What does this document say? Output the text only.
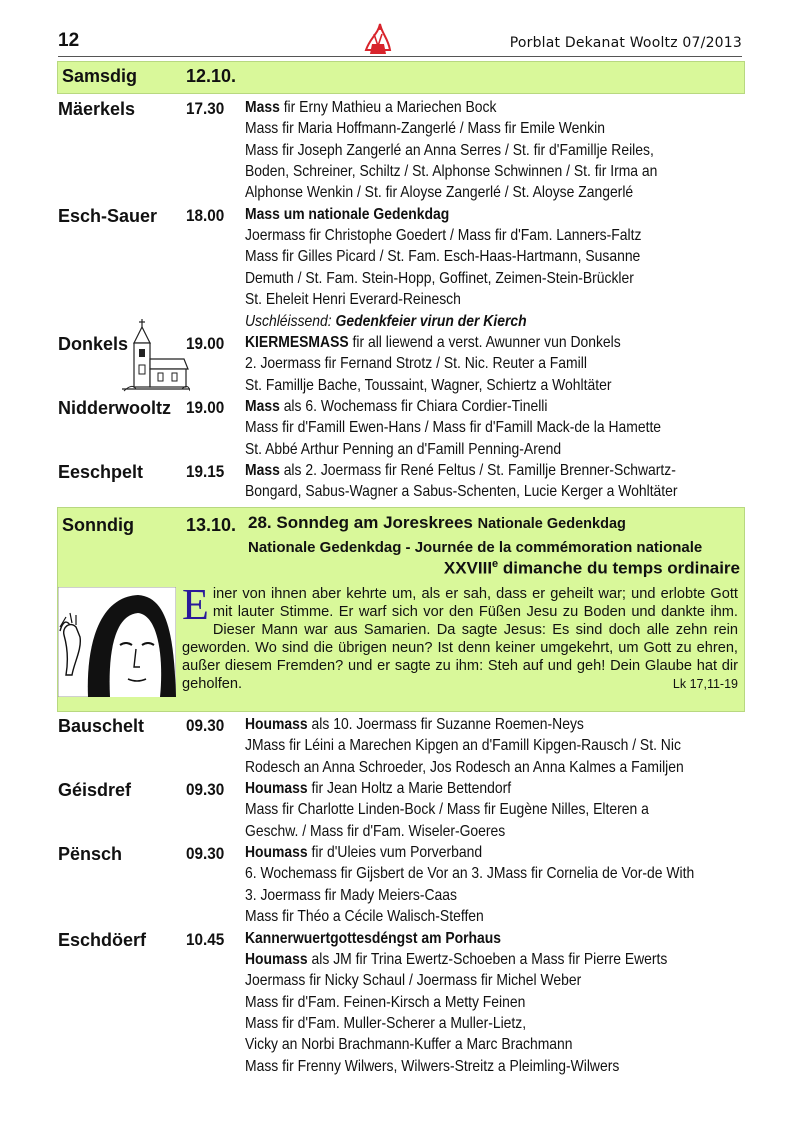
12	Porblat Dekanat Wooltz 07/2013
Samsdig	12.10.
Sonndig	13.10. 28. Sonndeg am Joreskrees Nationale Gedenkdag
Nationale Gedenkdag - Journée de la commémoration nationale
XXVIIIe dimanche du temps ordinaire
Einer von ihnen aber kehrte um, als er sah, dass er geheilt war; und erlobte Gott mit lauter Stimme. Er warf sich vor den Füßen Jesu zu Boden und dankte ihm. Dieser Mann war aus Samarien. Da sagte Jesus: Es sind doch alle zehn rein geworden. Wo sind die übrigen neun? Ist denn keiner umgekehrt, um Gott zu ehren, außer diesem Fremden? und er sagte zu ihm: Steh auf und geh! Dein Glaube hat dir geholfen.	Lk 17,11-19
Mäerkels	17.30 Mass fir Erny Mathieu a Mariechen Bock
Mass fir Maria Hoffmann-Zangerlé / Mass fir Emile Wenkin
Mass fir Joseph Zangerlé an Anna Serres / St. fir d'Famillje Reiles,
Boden, Schreiner, Schiltz / St. Alphonse Schwinnen / St. fir Irma an
Alphonse Wenkin / St. fir Aloyse Zangerlé / St. Aloyse Zangerlé
Esch-Sauer 18.00 Mass um nationale Gedenkdag
Joermass fir Christophe Goedert / Mass fir d'Fam. Lanners-Faltz
Mass fir Gilles Picard / St. Fam. Esch-Haas-Hartmann, Susanne
Demuth / St. Fam. Stein-Hopp, Goffinet, Zeimen-Stein-Brückler
St. Eheleit Henri Everard-Reinesch
Uschléissend: Gedenkfeier virun der Kierch
Donkels	19.00 KIERMESMASS fir all liewend a verst. Awunner vun Donkels
2. Joermass fir Fernand Strotz / St. Nic. Reuter a Famill
St. Famillje Bache, Toussaint, Wagner, Schiertz a Wohltäter
Nidderwooltz 19.00 Mass als 6. Wochemass fir Chiara Cordier-Tinelli
Mass fir d'Famill Ewen-Hans / Mass fir d'Famill Mack-de la Hamette
St. Abbé Arthur Penning an d'Famill Penning-Arend
Eeschpelt	19.15 Mass als 2. Joermass fir René Feltus / St. Famillje Brenner-Schwartz-
Bongard, Sabus-Wagner a Sabus-Schenten, Lucie Kerger a Wohltäter
Bauschelt 09.30 Houmass als 10. Joermass fir Suzanne Roemen-Neys
JMass fir Léini a Marechen Kipgen an d'Famill Kipgen-Rausch / St. Nic
Rodesch an Anna Schroeder, Jos Rodesch an Anna Kalmes a Familjen
Géisdref	09.30 Houmass fir Jean Holtz a Marie Bettendorf
Mass fir Charlotte Linden-Bock / Mass fir Eugène Nilles, Elteren a
Geschw. / Mass fir d'Fam. Wiseler-Goeres
Pënsch	09.30 Houmass fir d'Uleies vum Porverband
6. Wochemass fir Gijsbert de Vor an 3. JMass fir Cornelia de Vor-de With
3. Joermass fir Mady Meiers-Caas
Mass fir Théo a Cécile Walisch-Steffen
Eschdöerf 10.45 Kannerwuertgottesdéngst am Porhaus
Houmass als JM fir Trina Ewertz-Schoeben a Mass fir Pierre Ewerts
Joermass fir Nicky Schaul / Joermass fir Michel Weber
Mass fir d'Fam. Feinen-Kirsch a Metty Feinen
Mass fir d'Fam. Muller-Scherer a Muller-Lietz,
Vicky an Norbi Brachmann-Kuffer a Marc Brachmann
Mass fir Frenny Wilwers, Wilwers-Streitz a Pleimling-Wilwers
